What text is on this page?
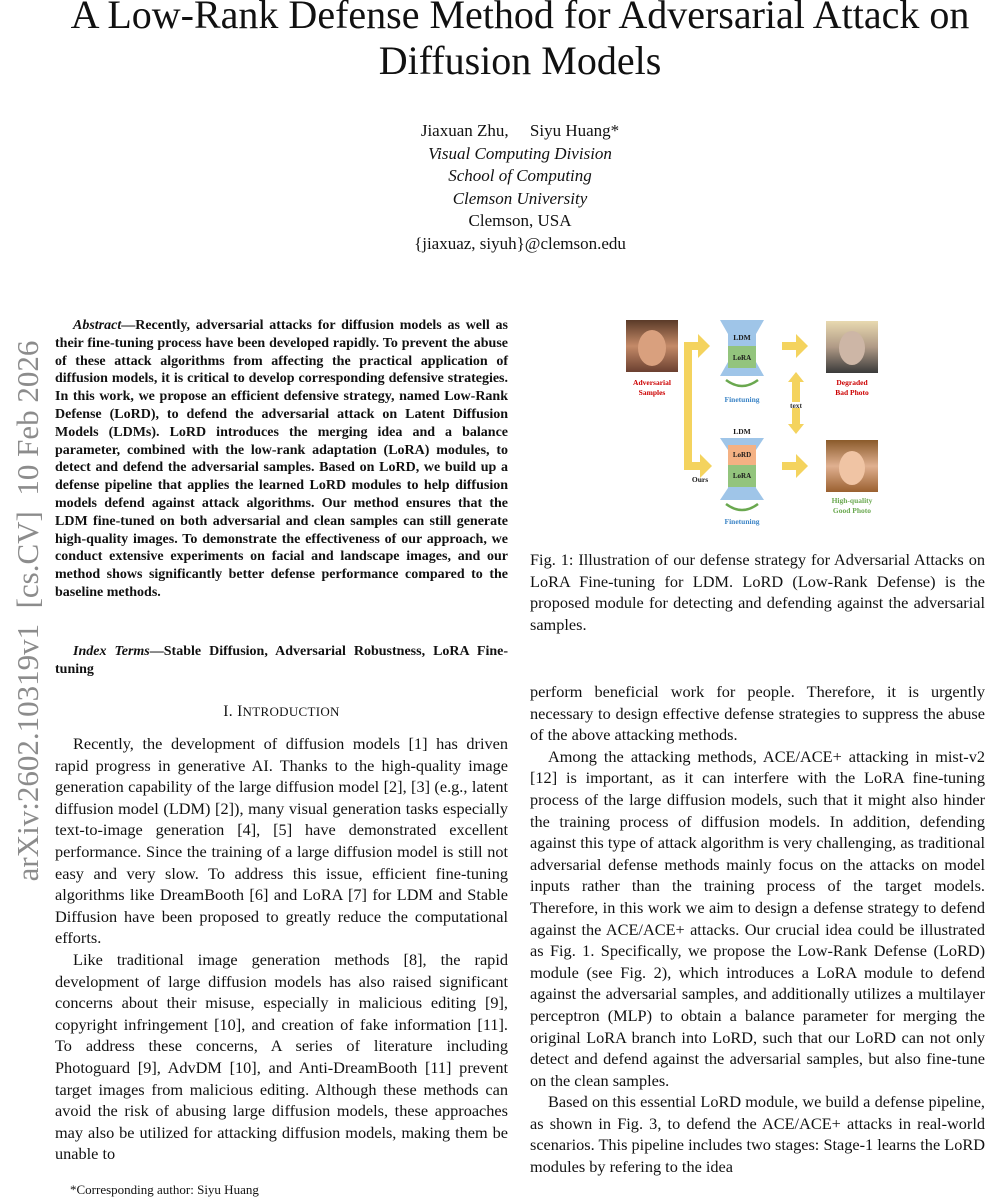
A Low-Rank Defense Method for Adversarial Attack on Diffusion Models
Jiaxuan Zhu,     Siyu Huang*
Visual Computing Division
School of Computing
Clemson University
Clemson, USA
{jiaxuaz, siyuh}@clemson.edu
arXiv:2602.10319v1  [cs.CV]  10 Feb 2026

Abstract—Recently, adversarial attacks for diffusion models as well as their fine-tuning process have been developed rapidly. To prevent the abuse of these attack algorithms from affecting the practical application of diffusion models, it is critical to develop corresponding defensive strategies. In this work, we propose an efficient defensive strategy, named Low-Rank Defense (LoRD), to defend the adversarial attack on Latent Diffusion Models (LDMs). LoRD introduces the merging idea and a balance parameter, combined with the low-rank adaptation (LoRA) modules, to detect and defend the adversarial samples. Based on LoRD, we build up a defense pipeline that applies the learned LoRD modules to help diffusion models defend against attack algorithms. Our method ensures that the LDM fine-tuned on both adversarial and clean samples can still generate high-quality images. To demonstrate the effectiveness of our approach, we conduct extensive experiments on facial and landscape images, and our method shows significantly better defense performance compared to the baseline methods.

Index Terms—Stable Diffusion, Adversarial Robustness, LoRA Fine-tuning

I. INTRODUCTION

Recently, the development of diffusion models [1] has driven rapid progress in generative AI. Thanks to the high-quality image generation capability of the large diffusion model [2], [3] (e.g., latent diffusion model (LDM) [2]), many visual generation tasks especially text-to-image generation [4], [5] have demonstrated excellent performance. Since the training of a large diffusion model is still not easy and very slow. To address this issue, efficient fine-tuning algorithms like DreamBooth [6] and LoRA [7] for LDM and Stable Diffusion have been proposed to greatly reduce the computational efforts.

Like traditional image generation methods [8], the rapid development of large diffusion models has also raised significant concerns about their misuse, especially in malicious editing [9], copyright infringement [10], and creation of fake information [11]. To address these concerns, A series of literature including Photoguard [9], AdvDM [10], and Anti-DreamBooth [11] prevent target images from malicious editing. Although these methods can avoid the risk of abusing large diffusion models, these approaches may also be utilized for attacking diffusion models, making them be unable to

*Corresponding author: Siyu Huang
Adversarial
Samples
Degraded
Bad Photo
High-quality
Good Photo
text
LDM
LoRA
Finetuning
LDM
LoRD
LoRA
Ours
Finetuning

Fig. 1: Illustration of our defense strategy for Adversarial Attacks on LoRA Fine-tuning for LDM. LoRD (Low-Rank Defense) is the proposed module for detecting and defending against the adversarial samples.

perform beneficial work for people. Therefore, it is urgently necessary to design effective defense strategies to suppress the abuse of the above attacking methods.

Among the attacking methods, ACE/ACE+ attacking in mist-v2 [12] is important, as it can interfere with the LoRA fine-tuning process of the large diffusion models, such that it might also hinder the training process of diffusion models. In addition, defending against this type of attack algorithm is very challenging, as traditional adversarial defense methods mainly focus on the attacks on model inputs rather than the training process of the target models. Therefore, in this work we aim to design a defense strategy to defend against the ACE/ACE+ attacks. Our crucial idea could be illustrated as Fig. 1. Specifically, we propose the Low-Rank Defense (LoRD) module (see Fig. 2), which introduces a LoRA module to defend against the adversarial samples, and additionally utilizes a multilayer perceptron (MLP) to obtain a balance parameter for merging the original LoRA branch into LoRD, such that our LoRD can not only detect and defend against the adversarial samples, but also fine-tune on the clean samples.

Based on this essential LoRD module, we build a defense pipeline, as shown in Fig. 3, to defend the ACE/ACE+ attacks in real-world scenarios. This pipeline includes two stages: Stage-1 learns the LoRD modules by refering to the idea
